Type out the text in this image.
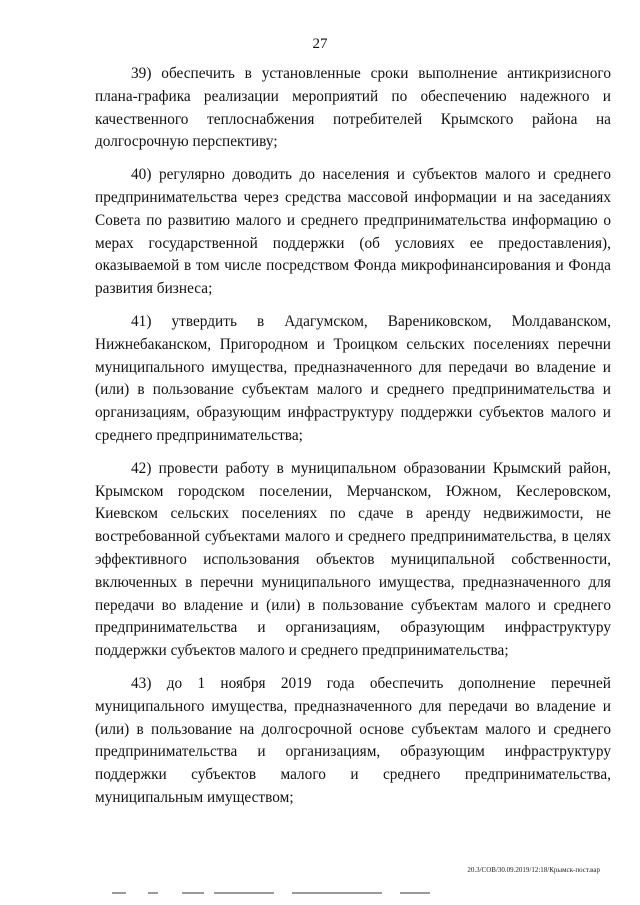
27

39) обеспечить в установленные сроки выполнение антикризисного плана-графика реализации мероприятий по обеспечению надежного и качественного теплоснабжения потребителей Крымского района на долгосрочную перспективу;

40) регулярно доводить до населения и субъектов малого и среднего предпринимательства через средства массовой информации и на заседаниях Совета по развитию малого и среднего предпринимательства информацию о мерах государственной поддержки (об условиях ее предоставления), оказываемой в том числе посредством Фонда микрофинансирования и Фонда развития бизнеса;

41) утвердить в Адагумском, Варениковском, Молдаванском, Нижнебаканском, Пригородном и Троицком сельских поселениях перечни муниципального имущества, предназначенного для передачи во владение и (или) в пользование субъектам малого и среднего предпринимательства и организациям, образующим инфраструктуру поддержки субъектов малого и среднего предпринимательства;

42) провести работу в муниципальном образовании Крымский район, Крымском городском поселении, Мерчанском, Южном, Кеслеровском, Киевском сельских поселениях по сдаче в аренду недвижимости, не востребованной субъектами малого и среднего предпринимательства, в целях эффективного использования объектов муниципальной собственности, включенных в перечни муниципального имущества, предназначенного для передачи во владение и (или) в пользование субъектам малого и среднего предпринимательства и организациям, образующим инфраструктуру поддержки субъектов малого и среднего предпринимательства;

43) до 1 ноября 2019 года обеспечить дополнение перечней муниципального имущества, предназначенного для передачи во владение и (или) в пользование на долгосрочной основе субъектам малого и среднего предпринимательства и организациям, образующим инфраструктуру поддержки субъектов малого и среднего предпринимательства, муниципальным имуществом;

20.3/СОВ/30.09.2019/12:18/Крымск-пост.вар
